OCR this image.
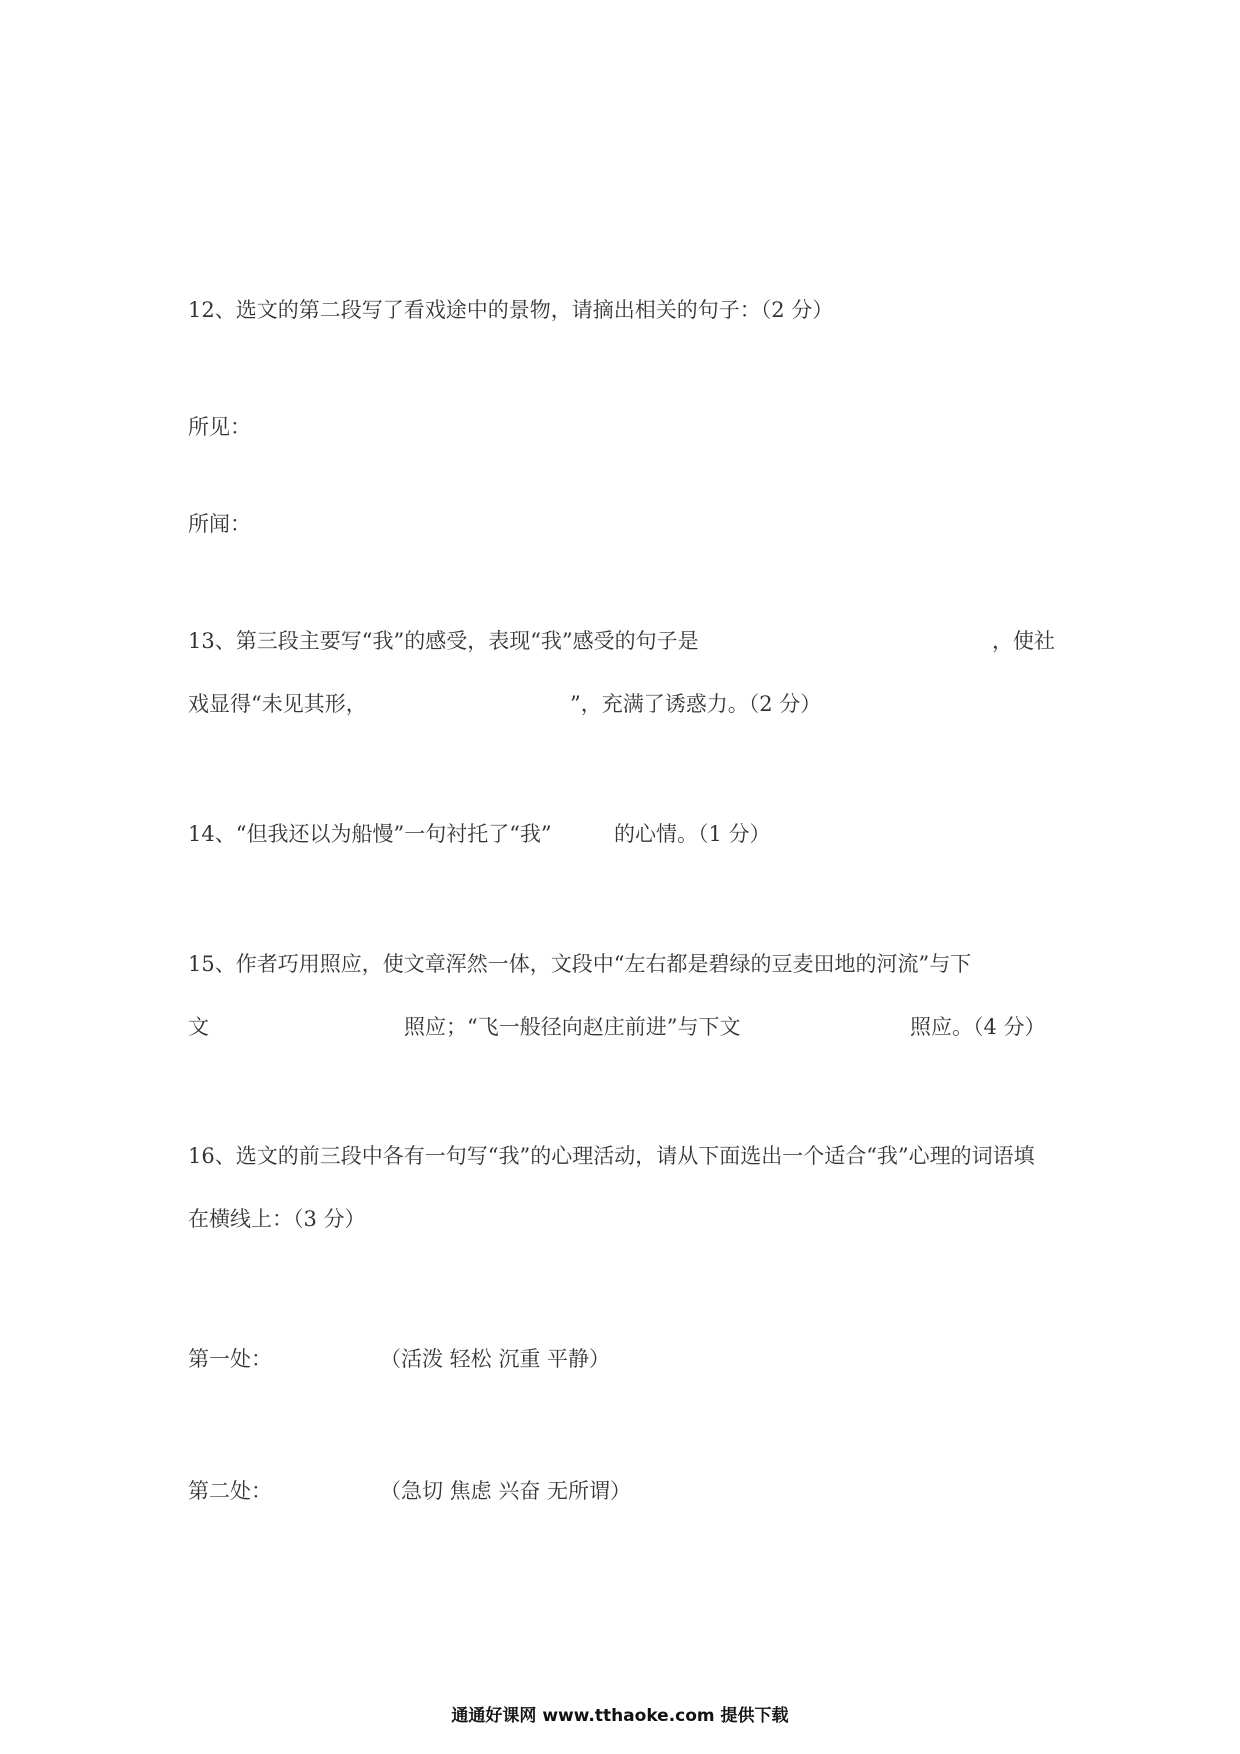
12、选文的第二段写了看戏途中的景物，请摘出相关的句子：（2 分）
所见：
所闻：
13、第三段主要写“我”的感受，表现“我”感受的句子是	，使社
戏显得“未见其形，	”，充满了诱惑力。（2 分）
14、“但我还以为船慢”一句衬托了“我”	的心情。（1 分）
15、作者巧用照应，使文章浑然一体，文段中“左右都是碧绿的豆麦田地的河流”与下
文	照应；“飞一般径向赵庄前进”与下文	照应。（4 分）
16、选文的前三段中各有一句写“我”的心理活动，请从下面选出一个适合“我”心理的词语填
在横线上：（3 分）
第一处：	（活泼 轻松 沉重 平静）
第二处：	（急切 焦虑 兴奋 无所谓）
通通好课网 www.tthaoke.com 提供下载
